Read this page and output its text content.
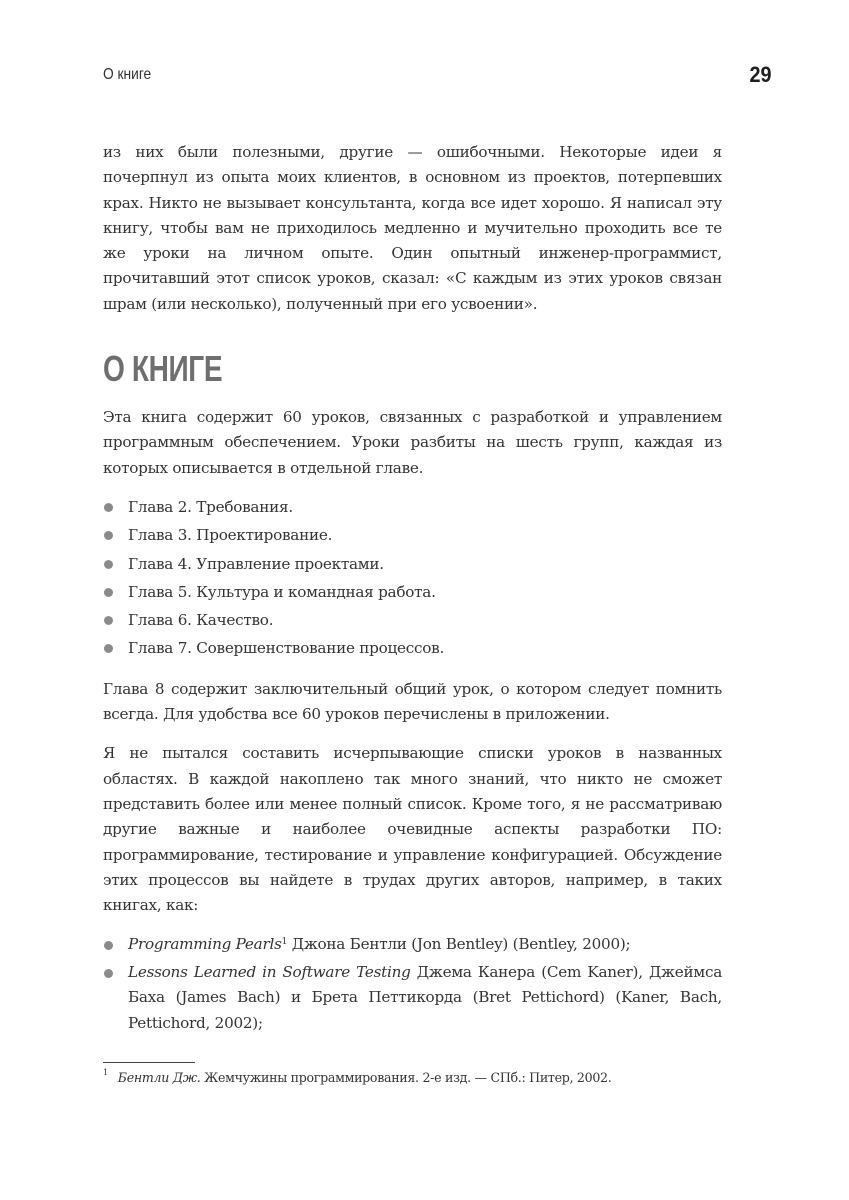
О книге	29

из них были полезными, другие — ошибочными. Некоторые идеи я почерпнул из опыта моих клиентов, в основном из проектов, потерпевших крах. Никто не вызывает консультанта, когда все идет хорошо. Я написал эту книгу, чтобы вам не приходилось медленно и мучительно проходить все те же уроки на личном опыте. Один опытный инженер-программист, прочитавший этот список уроков, сказал: «С каждым из этих уроков связан шрам (или несколько), полученный при его усвоении».

О КНИГЕ

Эта книга содержит 60 уроков, связанных с разработкой и управлением программным обеспечением. Уроки разбиты на шесть групп, каждая из которых описывается в отдельной главе.

Глава 2. Требования.
Глава 3. Проектирование.
Глава 4. Управление проектами.
Глава 5. Культура и командная работа.
Глава 6. Качество.
Глава 7. Совершенствование процессов.

Глава 8 содержит заключительный общий урок, о котором следует помнить всегда. Для удобства все 60 уроков перечислены в приложении.

Я не пытался составить исчерпывающие списки уроков в названных областях. В каждой накоплено так много знаний, что никто не сможет представить более или менее полный список. Кроме того, я не рассматриваю другие важные и наиболее очевидные аспекты разработки ПО: программирование, тестирование и управление конфигурацией. Обсуждение этих процессов вы найдете в трудах других авторов, например, в таких книгах, как:

Programming Pearls$^1$ Джона Бентли (Jon Bentley) (Bentley, 2000);
Lessons Learned in Software Testing Джема Канера (Cem Kaner), Джеймса Баха (James Bach) и Брета Петтикорда (Bret Pettichord) (Kaner, Bach, Pettichord, 2002);
$^1$ Бентли Дж. Жемчужины программирования. 2-е изд. — СПб.: Питер, 2002.
